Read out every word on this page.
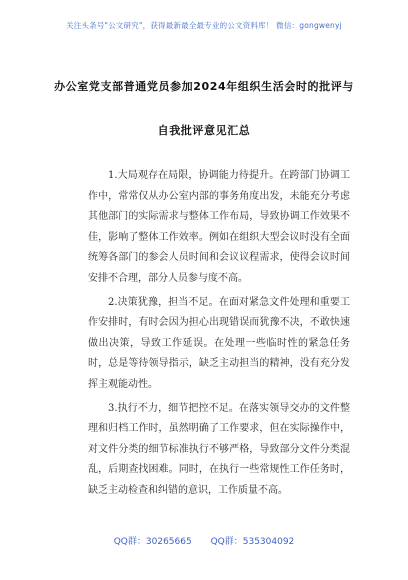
关注头条号"公文研究"，获得最新最全最专业的公文资料库！ 微信：gongwenyj
办公室党支部普通党员参加2024年组织生活会时的批评与
自我批评意见汇总

1.大局观存在局限，协调能力待提升。在跨部门协调工作中，常常仅从办公室内部的事务角度出发，未能充分考虑其他部门的实际需求与整体工作布局，导致协调工作效果不佳，影响了整体工作效率。例如在组织大型会议时没有全面统筹各部门的参会人员时间和会议议程需求，使得会议时间安排不合理，部分人员参与度不高。

2.决策犹豫，担当不足。在面对紧急文件处理和重要工作安排时，有时会因为担心出现错误而犹豫不决，不敢快速做出决策，导致工作延误。在处理一些临时性的紧急任务时，总是等待领导指示，缺乏主动担当的精神，没有充分发挥主观能动性。

3.执行不力，细节把控不足。在落实领导交办的文件整理和归档工作时，虽然明确了工作要求，但在实际操作中，对文件分类的细节标准执行不够严格，导致部分文件分类混乱，后期查找困难。同时，在执行一些常规性工作任务时，缺乏主动检查和纠错的意识，工作质量不高。

QQ群：30265665 QQ群：535304092
